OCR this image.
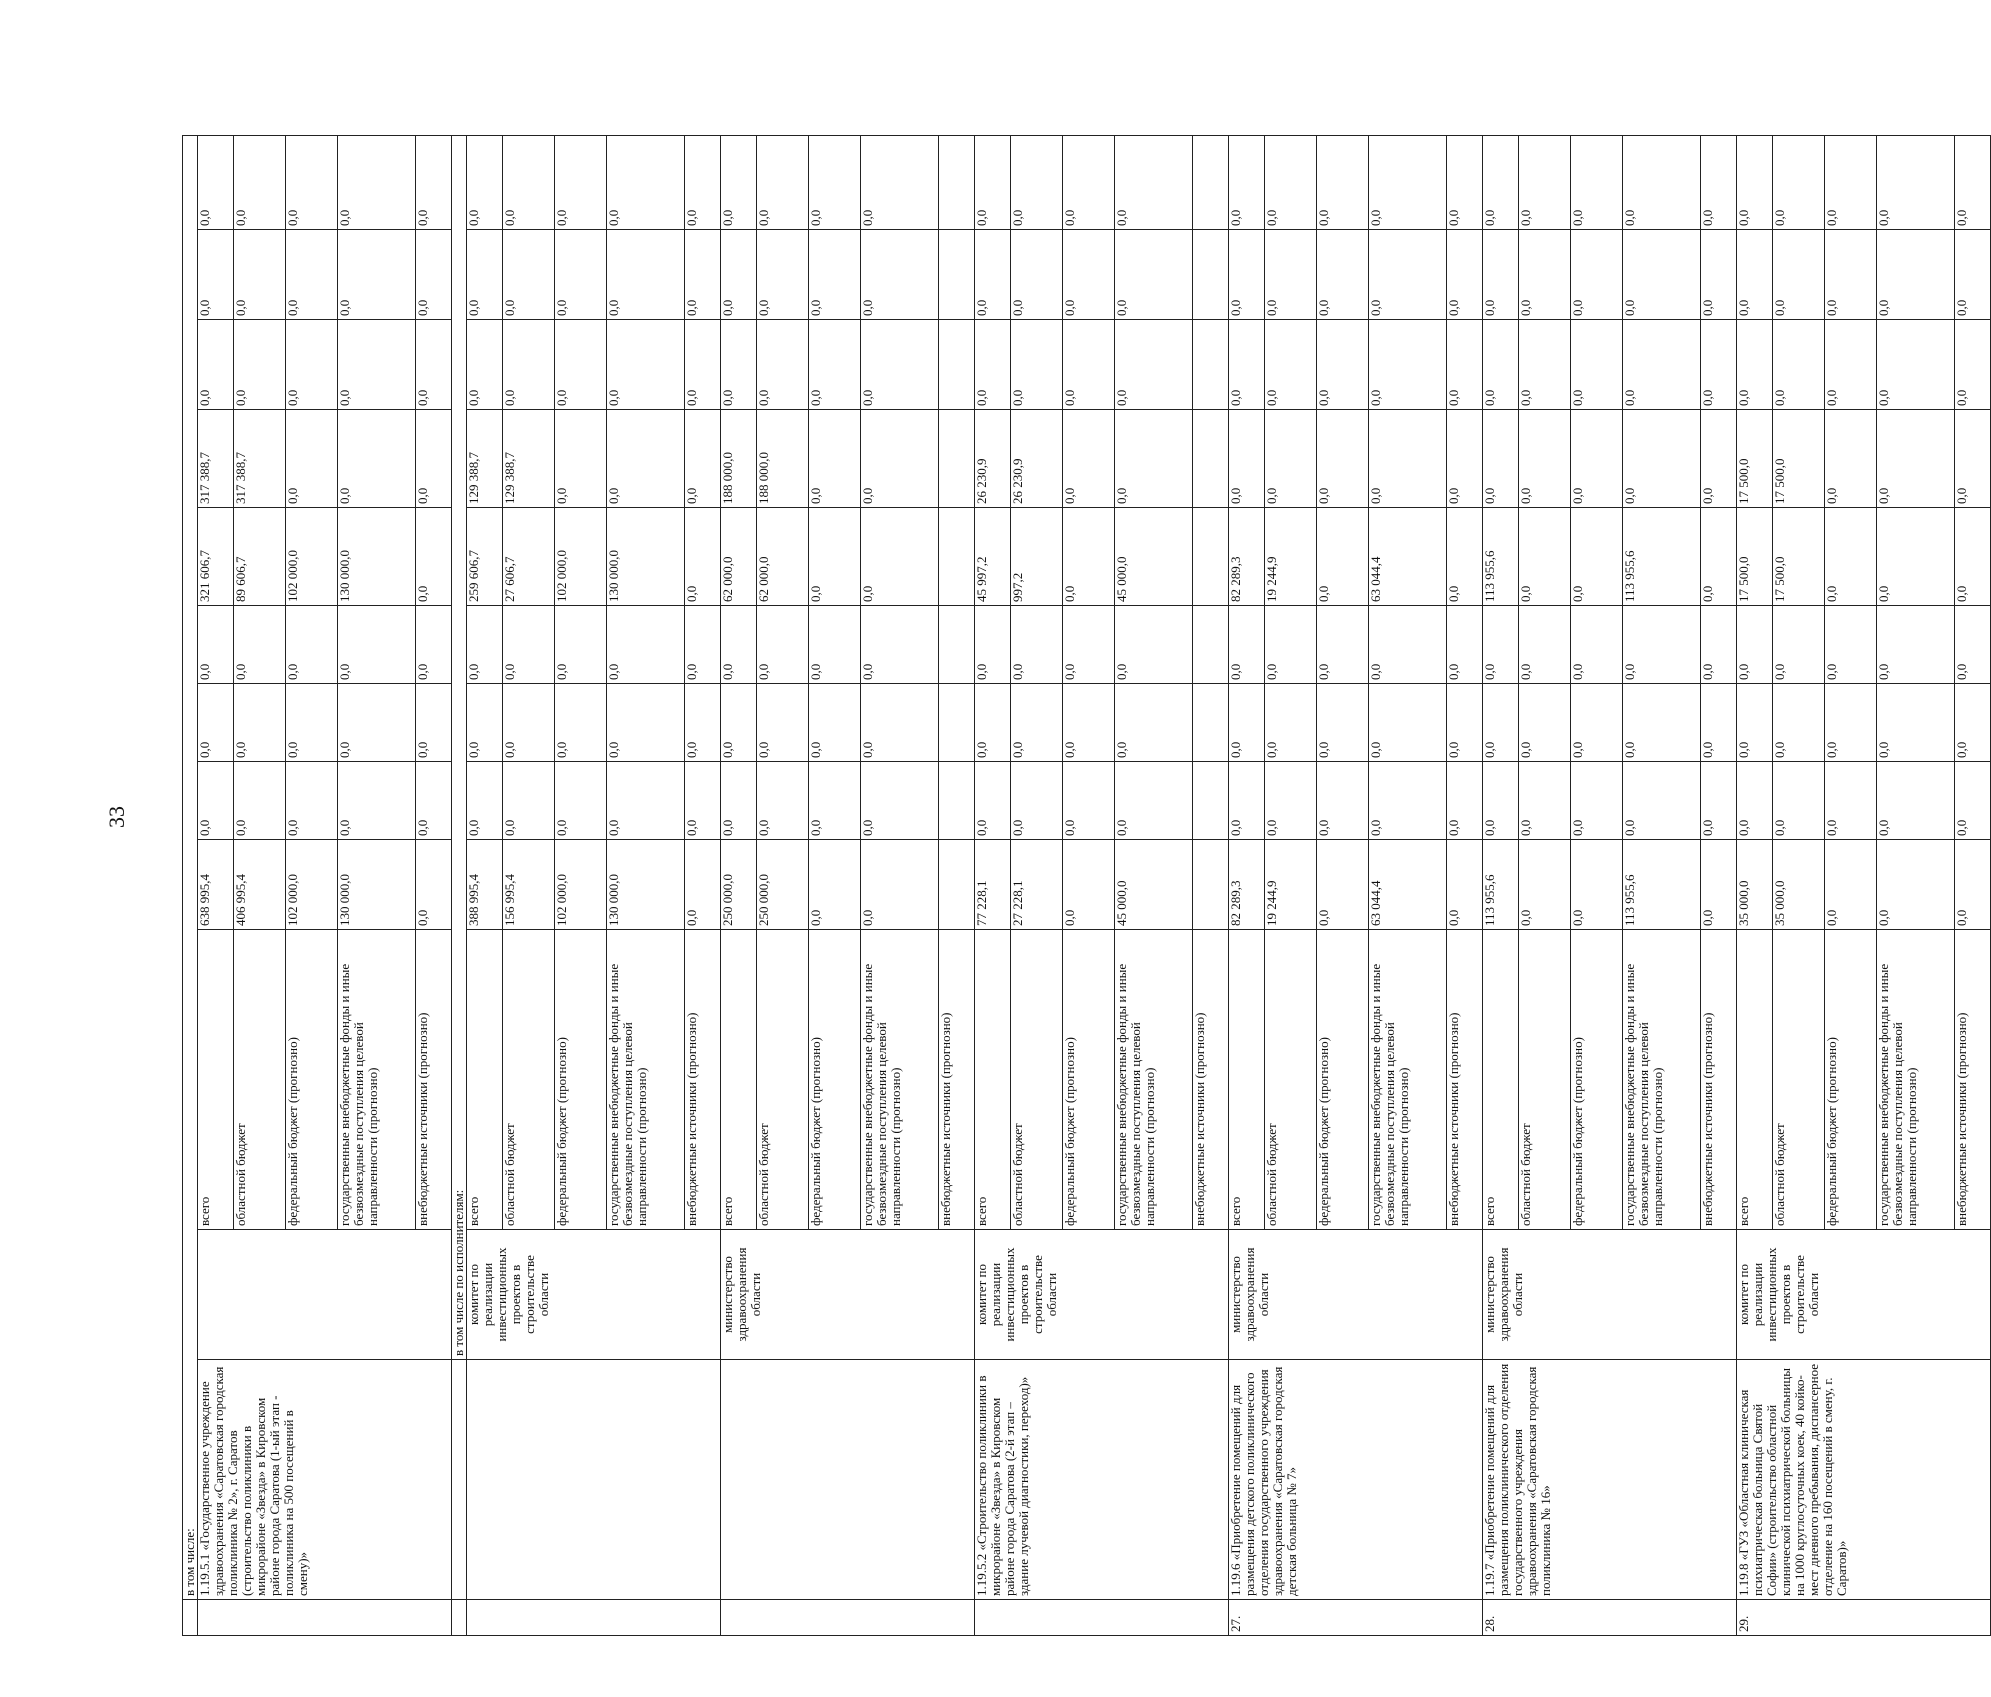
33
	в том числе:											
	1.19.5.1 «Государственное учреждение здравоохранения «Саратовская городская поликлиника № 2», г. Саратов (строительство поликлиники в микрорайоне «Звезда» в Кировском районе города Саратова (1-ый этап - поликлиника на 500 посещений в смену)»		всего	638 995,4	0,0	0,0	0,0	321 606,7	317 388,7	0,0	0,0	0,0
			областной бюджет	406 995,4	0,0	0,0	0,0	89 606,7	317 388,7	0,0	0,0	0,0
			федеральный бюджет (прогнозно)	102 000,0	0,0	0,0	0,0	102 000,0	0,0	0,0	0,0	0,0
			государственные внебюджетные фонды и иные безвозмездные поступления целевой направленности (прогнозно)	130 000,0	0,0	0,0	0,0	130 000,0	0,0	0,0	0,0	0,0
			внебюджетные источники (прогнозно)	0,0	0,0	0,0	0,0	0,0	0,0	0,0	0,0	0,0
		в том числе по исполнителям:										
		комитет по реализации инвестиционных проектов в строительстве области	всего	388 995,4	0,0	0,0	0,0	259 606,7	129 388,7	0,0	0,0	0,0
			областной бюджет	156 995,4	0,0	0,0	0,0	27 606,7	129 388,7	0,0	0,0	0,0
			федеральный бюджет (прогнозно)	102 000,0	0,0	0,0	0,0	102 000,0	0,0	0,0	0,0	0,0
			государственные внебюджетные фонды и иные безвозмездные поступления целевой направленности (прогнозно)	130 000,0	0,0	0,0	0,0	130 000,0	0,0	0,0	0,0	0,0
			внебюджетные источники (прогнозно)	0,0	0,0	0,0	0,0	0,0	0,0	0,0	0,0	0,0
		министерство здравоохранения области	всего	250 000,0	0,0	0,0	0,0	62 000,0	188 000,0	0,0	0,0	0,0
			областной бюджет	250 000,0	0,0	0,0	0,0	62 000,0	188 000,0	0,0	0,0	0,0
			федеральный бюджет (прогнозно)	0,0	0,0	0,0	0,0	0,0	0,0	0,0	0,0	0,0
			государственные внебюджетные фонды и иные безвозмездные поступления целевой направленности (прогнозно)	0,0	0,0	0,0	0,0	0,0	0,0	0,0	0,0	0,0
			внебюджетные источники (прогнозно)									
	1.19.5.2 «Строительство поликлиники в микрорайоне «Звезда» в Кировском районе города Саратова (2-й этап – здание лучевой диагностики, переход)»	комитет по реализации инвестиционных проектов в строительстве области	всего	77 228,1	0,0	0,0	0,0	45 997,2	26 230,9	0,0	0,0	0,0
			областной бюджет	27 228,1	0,0	0,0	0,0	997,2	26 230,9	0,0	0,0	0,0
			федеральный бюджет (прогнозно)	0,0	0,0	0,0	0,0	0,0	0,0	0,0	0,0	0,0
			государственные внебюджетные фонды и иные безвозмездные поступления целевой направленности (прогнозно)	45 000,0	0,0	0,0	0,0	45 000,0	0,0	0,0	0,0	0,0
			внебюджетные источники (прогнозно)									
27.	1.19.6 «Приобретение помещений для размещения детского поликлинического отделения государственного учреждения здравоохранения «Саратовская городская детская больница № 7»	министерство здравоохранения области	всего	82 289,3	0,0	0,0	0,0	82 289,3	0,0	0,0	0,0	0,0
			областной бюджет	19 244,9	0,0	0,0	0,0	19 244,9	0,0	0,0	0,0	0,0
			федеральный бюджет (прогнозно)	0,0	0,0	0,0	0,0	0,0	0,0	0,0	0,0	0,0
			государственные внебюджетные фонды и иные безвозмездные поступления целевой направленности (прогнозно)	63 044,4	0,0	0,0	0,0	63 044,4	0,0	0,0	0,0	0,0
			внебюджетные источники (прогнозно)	0,0	0,0	0,0	0,0	0,0	0,0	0,0	0,0	0,0
28.	1.19.7 «Приобретение помещений для размещения поликлинического отделения государственного учреждения здравоохранения «Саратовская городская поликлиника № 16»	министерство здравоохранения области	всего	113 955,6	0,0	0,0	0,0	113 955,6	0,0	0,0	0,0	0,0
			областной бюджет	0,0	0,0	0,0	0,0	0,0	0,0	0,0	0,0	0,0
			федеральный бюджет (прогнозно)	0,0	0,0	0,0	0,0	0,0	0,0	0,0	0,0	0,0
			государственные внебюджетные фонды и иные безвозмездные поступления целевой направленности (прогнозно)	113 955,6	0,0	0,0	0,0	113 955,6	0,0	0,0	0,0	0,0
			внебюджетные источники (прогнозно)	0,0	0,0	0,0	0,0	0,0	0,0	0,0	0,0	0,0
29.	1.19.8 «ГУЗ «Областная клиническая психиатрическая больница Святой Софии» (строительство областной клинической психиатрической больницы на 1000 круглосуточных коек, 40 койко-мест дневного пребывания, диспансерное отделение на 160 посещений в смену, г. Саратов)»	комитет по реализации инвестиционных проектов в строительстве области	всего	35 000,0	0,0	0,0	0,0	17 500,0	17 500,0	0,0	0,0	0,0
			областной бюджет	35 000,0	0,0	0,0	0,0	17 500,0	17 500,0	0,0	0,0	0,0
			федеральный бюджет (прогнозно)	0,0	0,0	0,0	0,0	0,0	0,0	0,0	0,0	0,0
			государственные внебюджетные фонды и иные безвозмездные поступления целевой направленности (прогнозно)	0,0	0,0	0,0	0,0	0,0	0,0	0,0	0,0	0,0
			внебюджетные источники (прогнозно)	0,0	0,0	0,0	0,0	0,0	0,0	0,0	0,0	0,0
